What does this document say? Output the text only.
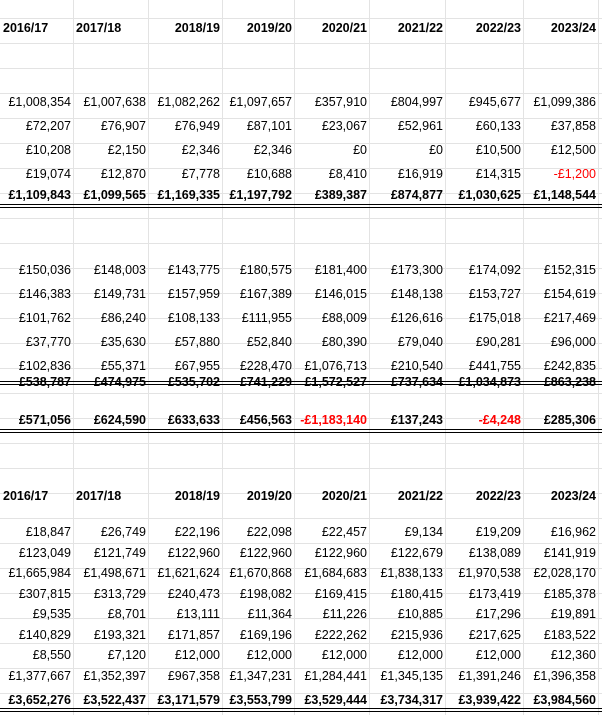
2016/17	2017/18	2018/19	2019/20	2020/21	2021/22	2022/23	2023/24
£1,008,354 £1,007,638 £1,082,262 £1,097,657	£357,910	£804,997	£945,677 £1,099,386
£72,207	£76,907	£76,949	£87,101	£23,067	£52,961	£60,133	£37,858
£10,208	£2,150	£2,346	£2,346	£0	£0	£10,500	£12,500
£19,074	£12,870	£7,778	£10,688	£8,410	£16,919	£14,315	-£1,200
£1,109,843 £1,099,565 £1,169,335 £1,197,792	£389,387	£874,877	£1,030,625 £1,148,544
£150,036	£148,003	£143,775	£180,575	£181,400	£173,300	£174,092	£152,315
£146,383	£149,731	£157,959	£167,389	£146,015	£148,138	£153,727	£154,619
£101,762	£86,240	£108,133	£111,955	£88,009	£126,616	£175,018	£217,469
£37,770	£35,630	£57,880	£52,840	£80,390	£79,040	£90,281	£96,000
£102,836	£55,371	£67,955	£228,470 £1,076,713	£210,540	£441,755	£242,835
£538,787	£474,975	£535,702	£741,229 £1,572,527	£737,634	£1,034,873	£863,238
£571,056	£624,590	£633,633	£456,563 -£1,183,140	£137,243	-£4,248	£285,306
2016/17	2017/18	2018/19	2019/20	2020/21	2021/22	2022/23	2023/24
£18,847	£26,749	£22,196	£22,098	£22,457	£9,134	£19,209	£16,962
£123,049	£121,749	£122,960	£122,960	£122,960	£122,679	£138,089	£141,919
£1,665,984 £1,498,671 £1,621,624 £1,670,868 £1,684,683	£1,838,133	£1,970,538 £2,028,170
£307,815	£313,729	£240,473	£198,082	£169,415	£180,415	£173,419	£185,378
£9,535	£8,701	£13,111	£11,364	£11,226	£10,885	£17,296	£19,891
£140,829	£193,321	£171,857	£169,196	£222,262	£215,936	£217,625	£183,522
£8,550	£7,120	£12,000	£12,000	£12,000	£12,000	£12,000	£12,360
£1,377,667 £1,352,397	£967,358 £1,347,231 £1,284,441	£1,345,135	£1,391,246 £1,396,358
£3,652,276 £3,522,437 £3,171,579 £3,553,799 £3,529,444	£3,734,317	£3,939,422 £3,984,560
